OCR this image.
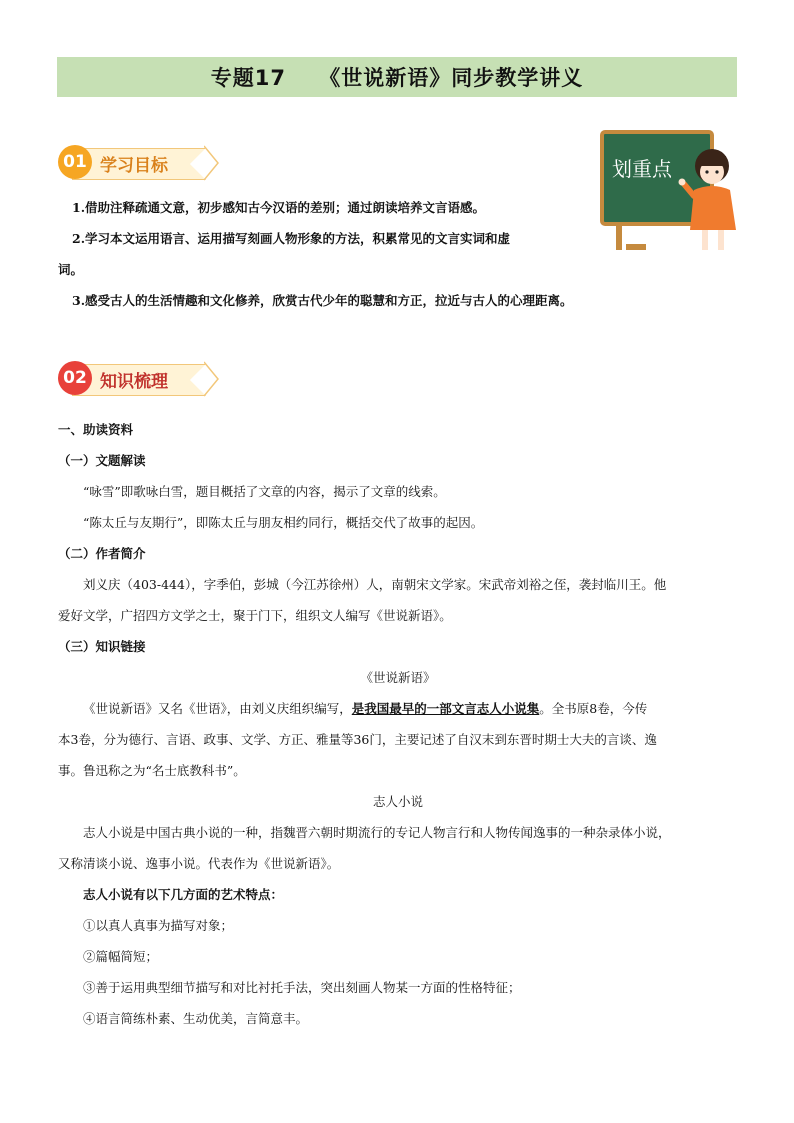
专题17    《世说新语》同步教学讲义
01 学习目标	划重点

1.借助注释疏通文意，初步感知古今汉语的差别；通过朗读培养文言语感。

2.学习本文运用语言、运用描写刻画人物形象的方法，积累常见的文言实词和虚

词。

3.感受古人的生活情趣和文化修养，欣赏古代少年的聪慧和方正，拉近与古人的心理距离。

02 知识梳理

一、助读资料

（一）文题解读

“咏雪”即歌咏白雪，题目概括了文章的内容，揭示了文章的线索。

“陈太丘与友期行”，即陈太丘与朋友相约同行，概括交代了故事的起因。

（二）作者简介

刘义庆（403-444），字季伯，彭城（今江苏徐州）人，南朝宋文学家。宋武帝刘裕之侄，袭封临川王。他

爱好文学，广招四方文学之士，聚于门下，组织文人编写《世说新语》。

（三）知识链接

《世说新语》

《世说新语》又名《世语》，由刘义庆组织编写，是我国最早的一部文言志人小说集。全书原8卷，今传

本3卷，分为德行、言语、政事、文学、方正、雅量等36门，主要记述了自汉末到东晋时期士大夫的言谈、逸

事。鲁迅称之为“名士底教科书”。

志人小说

志人小说是中国古典小说的一种，指魏晋六朝时期流行的专记人物言行和人物传闻逸事的一种杂录体小说，

又称清谈小说、逸事小说。代表作为《世说新语》。

志人小说有以下几方面的艺术特点：

①以真人真事为描写对象；

②篇幅简短；

③善于运用典型细节描写和对比衬托手法，突出刻画人物某一方面的性格特征；

④语言简练朴素、生动优美，言简意丰。
